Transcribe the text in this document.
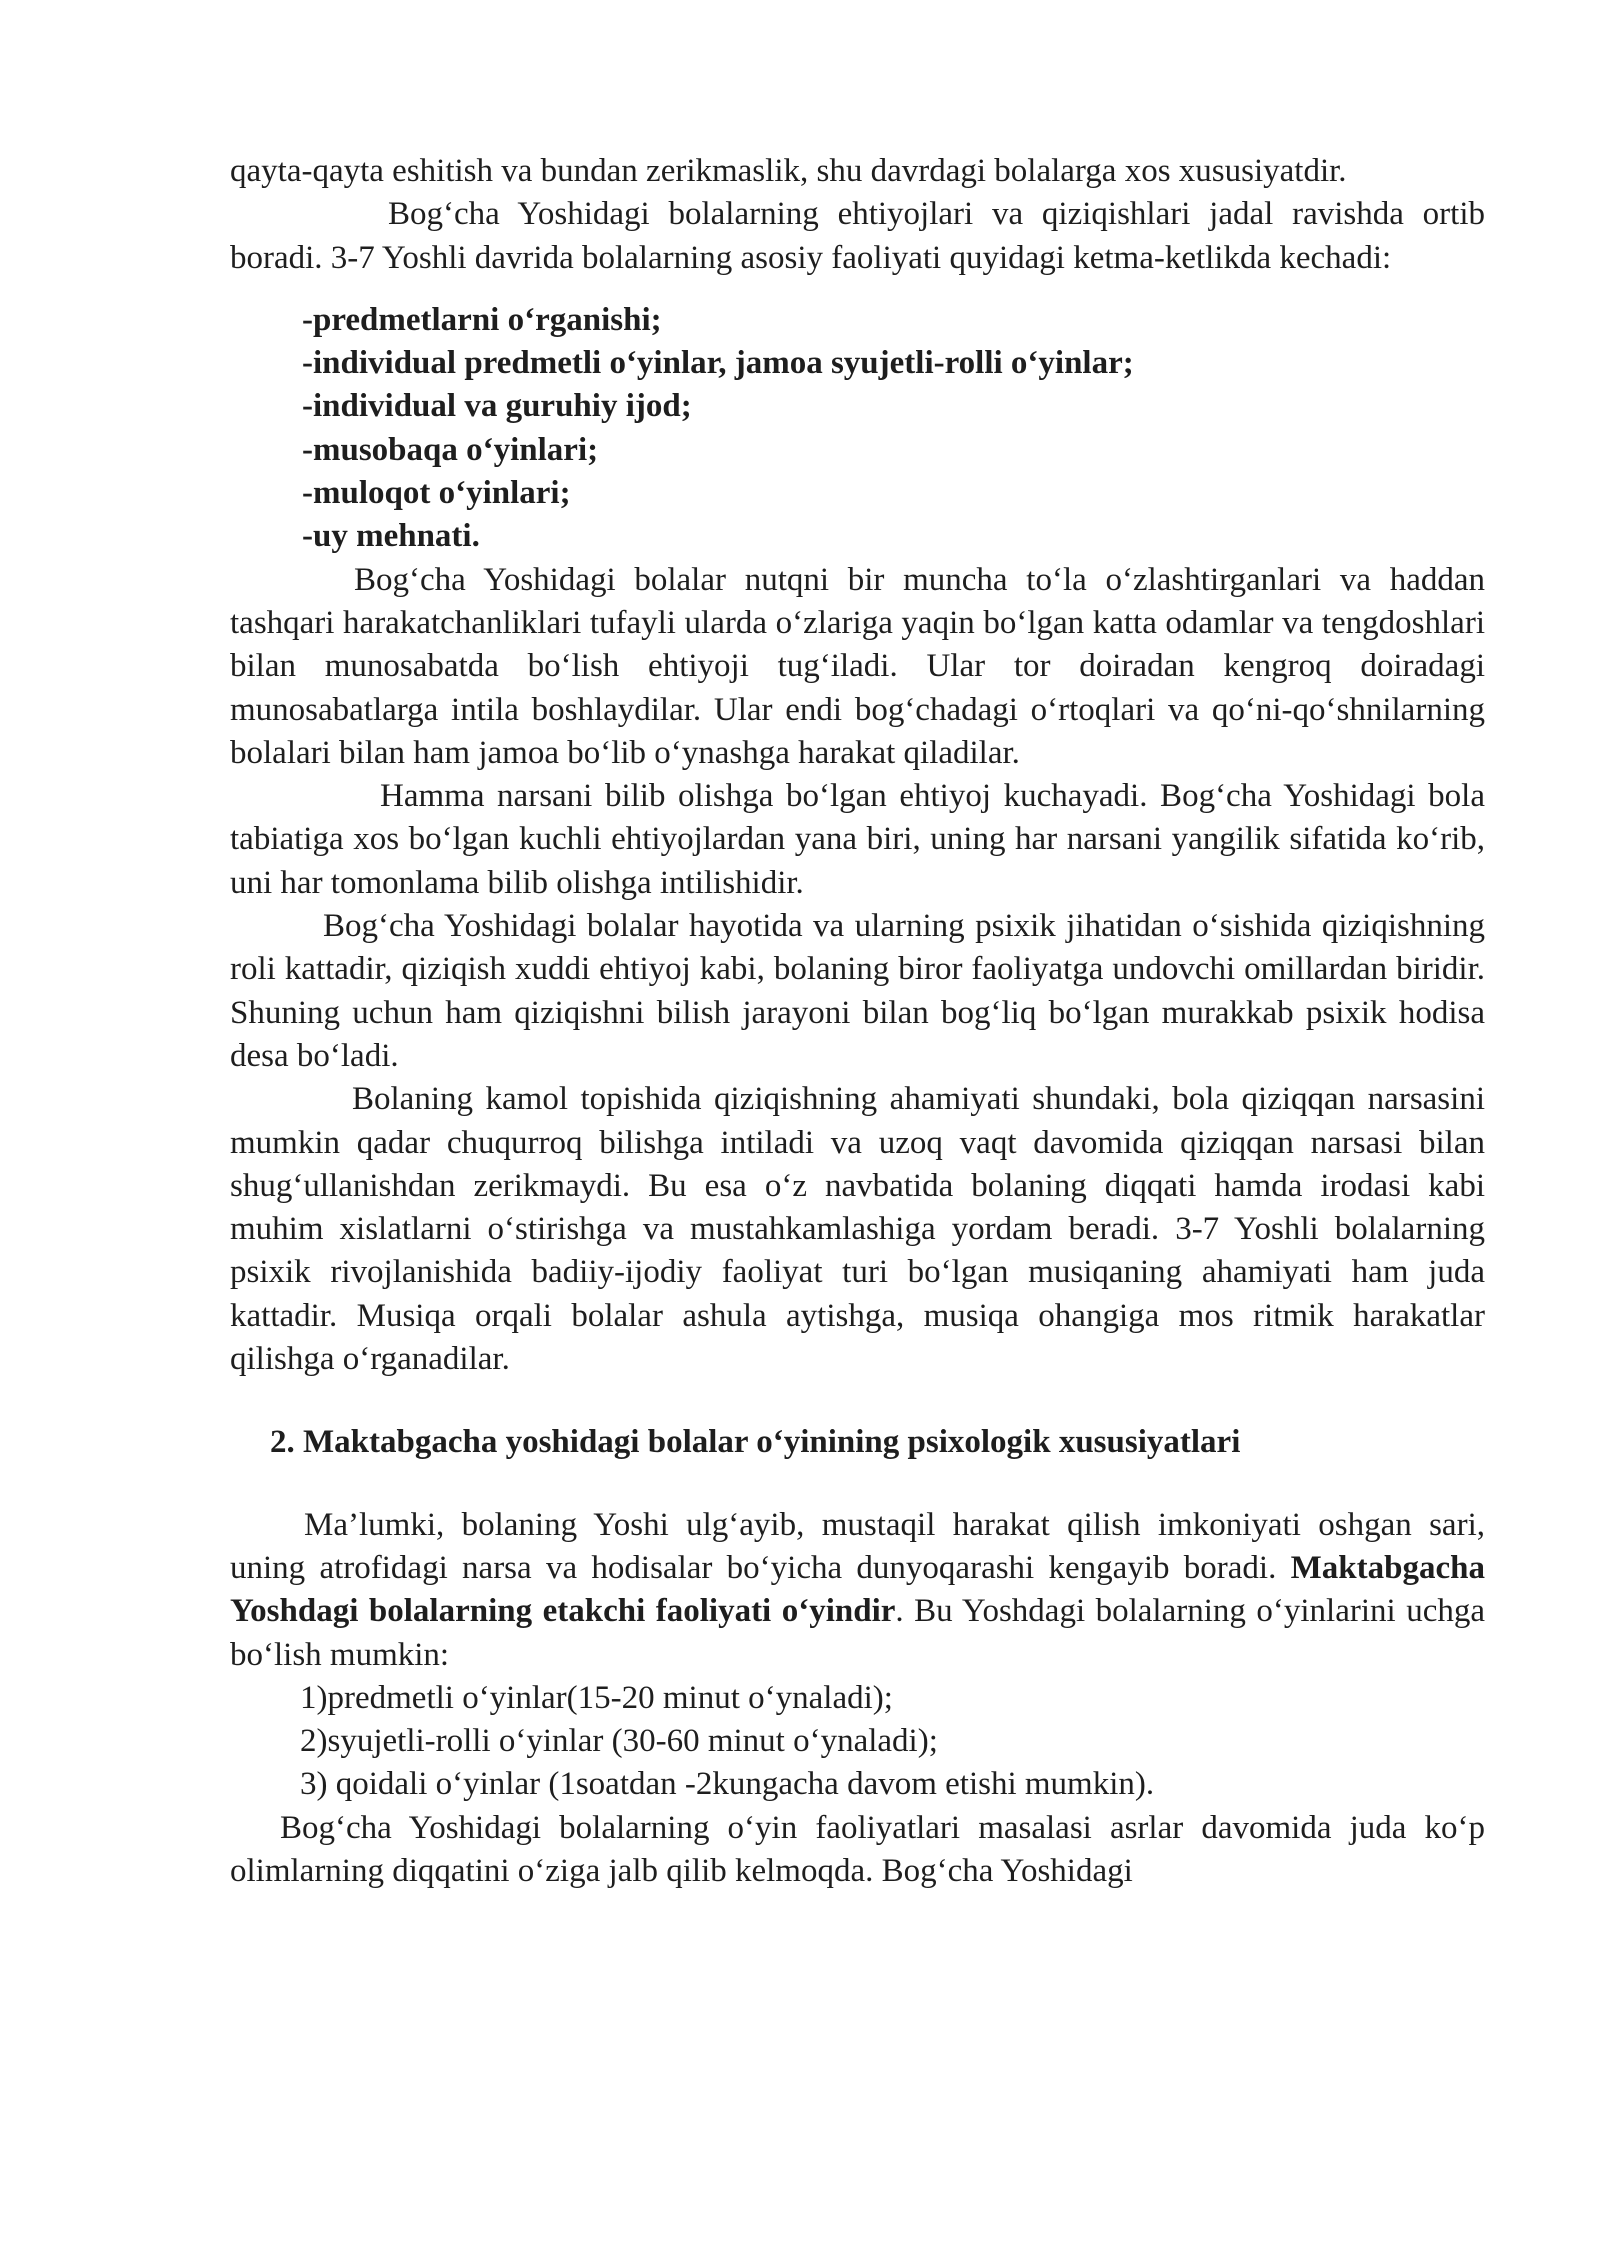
qayta-qayta eshitish va bundan zerikmaslik, shu davrdagi bolalarga xos xususiyatdir.

Bog‘cha Yoshidagi bolalarning ehtiyojlari va qiziqishlari jadal ravishda ortib boradi. 3-7 Yoshli davrida bolalarning asosiy faoliyati quyidagi ketma-ketlikda kechadi:

-predmetlarni o‘rganishi;
-individual predmetli o‘yinlar, jamoa syujetli-rolli o‘yinlar;
-individual va guruhiy ijod;
-musobaqa o‘yinlari;
-muloqot o‘yinlari;
-uy mehnati.

Bog‘cha Yoshidagi bolalar nutqni bir muncha to‘la o‘zlashtirganlari va haddan tashqari harakatchanliklari tufayli ularda o‘zlariga yaqin bo‘lgan katta odamlar va tengdoshlari bilan munosabatda bo‘lish ehtiyoji tug‘iladi. Ular tor doiradan kengroq doiradagi munosabatlarga intila boshlaydilar. Ular endi bog‘chadagi o‘rtoqlari va qo‘ni-qo‘shnilarning bolalari bilan ham jamoa bo‘lib o‘ynashga harakat qiladilar.

Hamma narsani bilib olishga bo‘lgan ehtiyoj kuchayadi. Bog‘cha Yoshidagi bola tabiatiga xos bo‘lgan kuchli ehtiyojlardan yana biri, uning har narsani yangilik sifatida ko‘rib, uni har tomonlama bilib olishga intilishidir.

Bog‘cha Yoshidagi bolalar hayotida va ularning psixik jihatidan o‘sishida qiziqishning roli kattadir, qiziqish xuddi ehtiyoj kabi, bolaning biror faoliyatga undovchi omillardan biridir. Shuning uchun ham qiziqishni bilish jarayoni bilan bog‘liq bo‘lgan murakkab psixik hodisa desa bo‘ladi.

Bolaning kamol topishida qiziqishning ahamiyati shundaki, bola qiziqqan narsasini mumkin qadar chuqurroq bilishga intiladi va uzoq vaqt davomida qiziqqan narsasi bilan shug‘ullanishdan zerikmaydi. Bu esa o‘z navbatida bolaning diqqati hamda irodasi kabi muhim xislatlarni o‘stirishga va mustahkamlashiga yordam beradi. 3-7 Yoshli bolalarning psixik rivojlanishida badiiy-ijodiy faoliyat turi bo‘lgan musiqaning ahamiyati ham juda kattadir. Musiqa orqali bolalar ashula aytishga, musiqa ohangiga mos ritmik harakatlar qilishga o‘rganadilar.

2. Maktabgacha yoshidagi bolalar o‘yinining psixologik xususiyatlari

Ma’lumki, bolaning Yoshi ulg‘ayib, mustaqil harakat qilish imkoniyati oshgan sari, uning atrofidagi narsa va hodisalar bo‘yicha dunyoqarashi kengayib boradi. Maktabgacha Yoshdagi bolalarning etakchi faoliyati o‘yindir. Bu Yoshdagi bolalarning o‘yinlarini uchga bo‘lish mumkin:

1)predmetli o‘yinlar(15-20 minut o‘ynaladi);
2)syujetli-rolli o‘yinlar (30-60 minut o‘ynaladi);
3) qoidali o‘yinlar (1soatdan -2kungacha davom etishi mumkin).

Bog‘cha Yoshidagi bolalarning o‘yin faoliyatlari masalasi asrlar davomida juda ko‘p olimlarning diqqatini o‘ziga jalb qilib kelmoqda. Bog‘cha Yoshidagi
